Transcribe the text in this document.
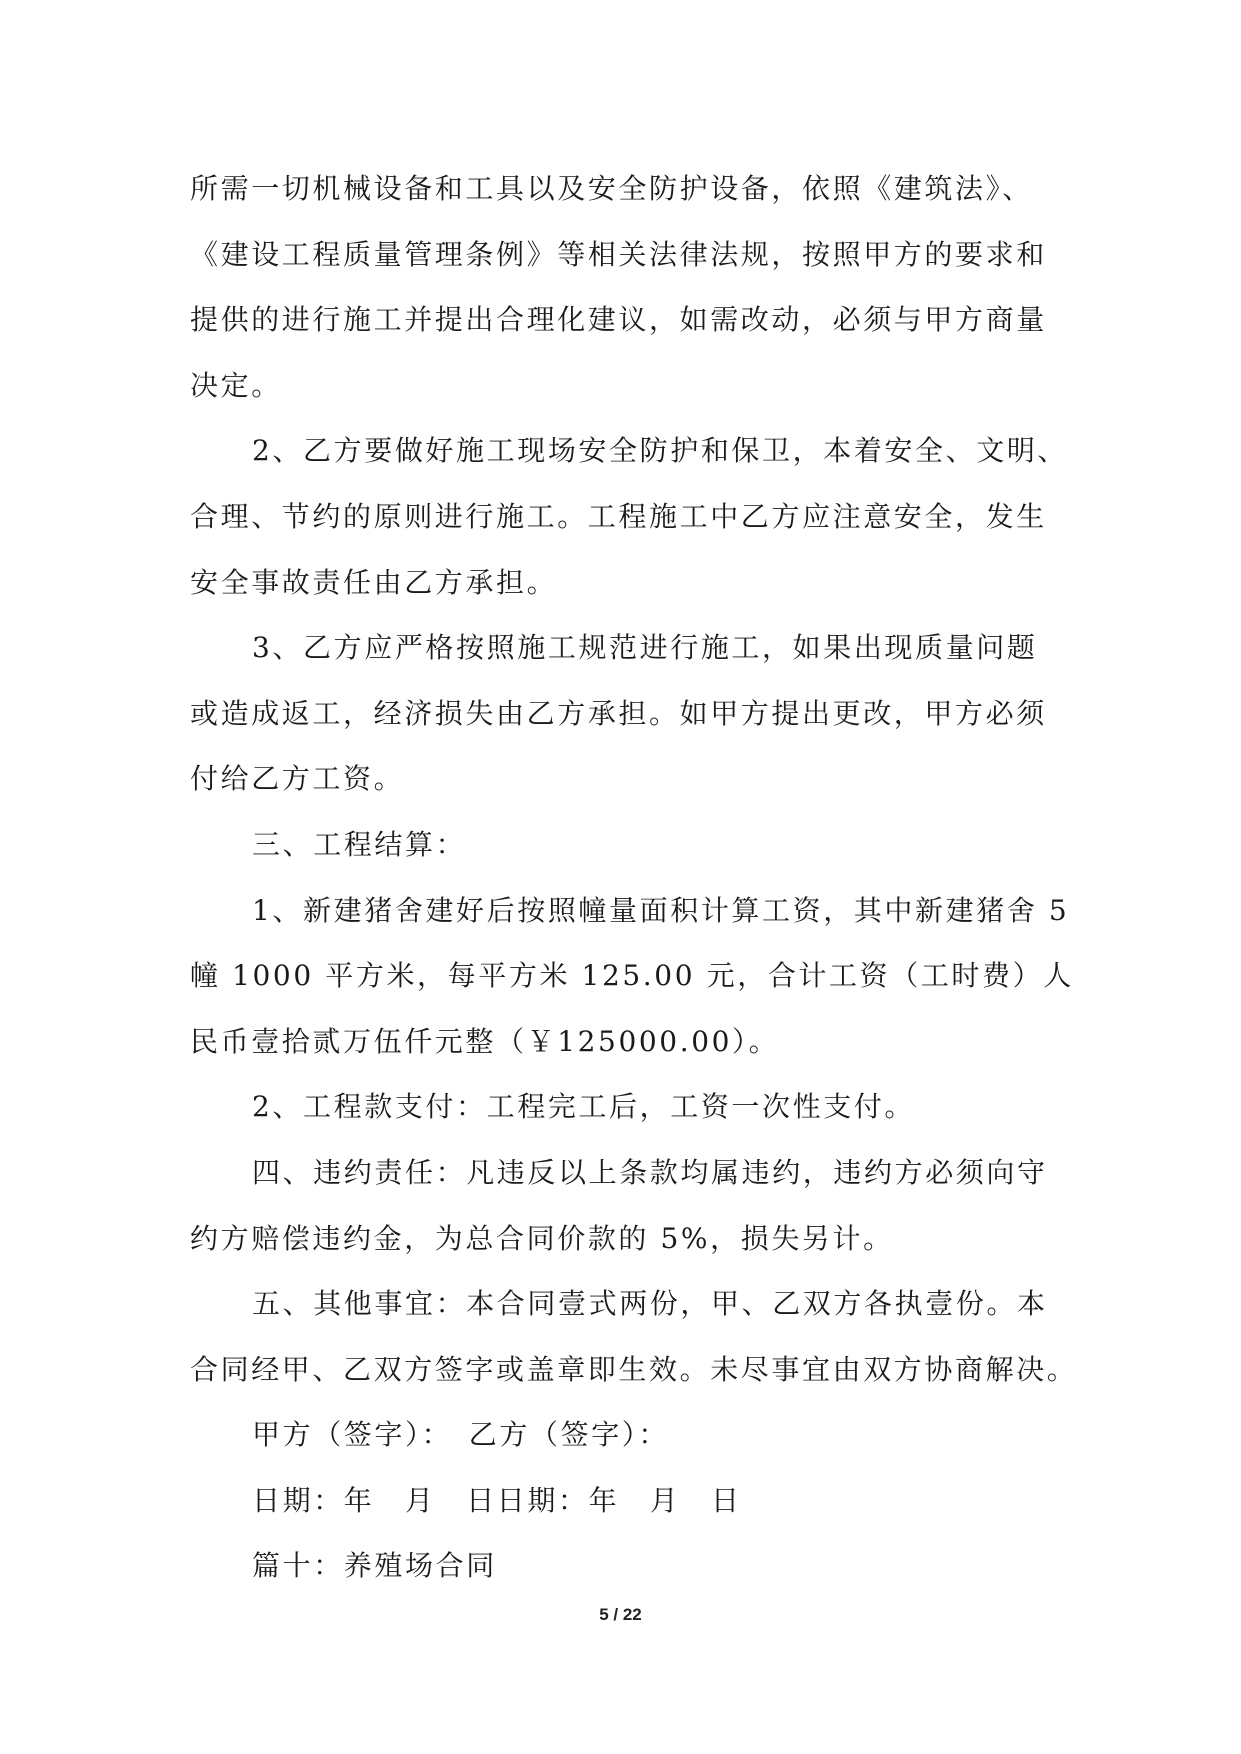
所需一切机械设备和工具以及安全防护设备，依照《建筑法》、
《建设工程质量管理条例》等相关法律法规，按照甲方的要求和
提供的进行施工并提出合理化建议，如需改动，必须与甲方商量
决定。
2、乙方要做好施工现场安全防护和保卫，本着安全、文明、
合理、节约的原则进行施工。工程施工中乙方应注意安全，发生
安全事故责任由乙方承担。
3、乙方应严格按照施工规范进行施工，如果出现质量问题
或造成返工，经济损失由乙方承担。如甲方提出更改，甲方必须
付给乙方工资。
三、工程结算：
1、新建猪舍建好后按照幢量面积计算工资，其中新建猪舍 5
幢 1000 平方米，每平方米 125.00 元，合计工资（工时费）人
民币壹拾贰万伍仟元整（￥125000.00）。
2、工程款支付：工程完工后，工资一次性支付。
四、违约责任：凡违反以上条款均属违约，违约方必须向守
约方赔偿违约金，为总合同价款的 5%，损失另计。
五、其他事宜：本合同壹式两份，甲、乙双方各执壹份。本
合同经甲、乙双方签字或盖章即生效。未尽事宜由双方协商解决。
甲方（签字）：　乙方（签字）：
日期：年　月　日日期：年　月　日
篇十：养殖场合同
5 / 22
